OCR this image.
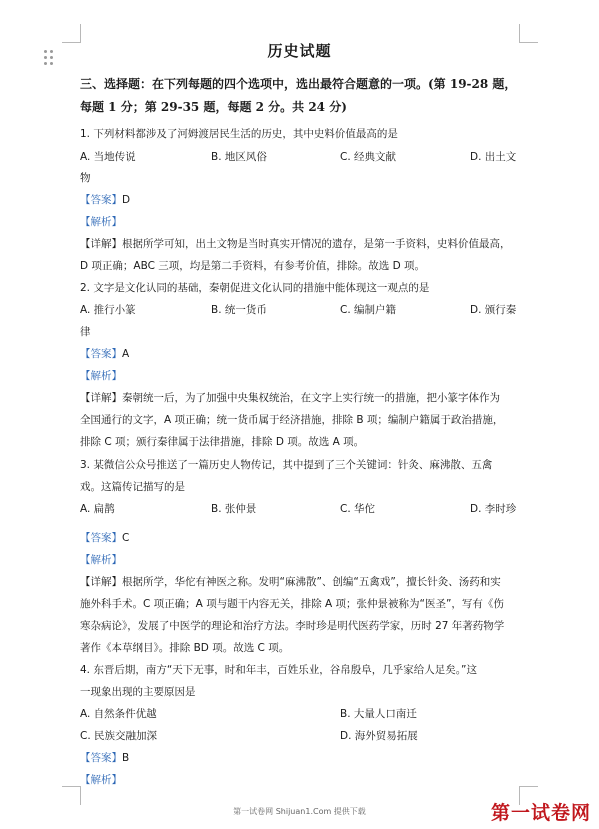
历史试题
三、选择题：在下列每题的四个选项中，选出最符合题意的一项。(第 19-28 题，
每题 1 分；第 29-35 题，每题 2 分。共 24 分)
1. 下列材料都涉及了河姆渡居民生活的历史，其中史料价值最高的是
A. 当地传说	B. 地区风俗	C. 经典文献	D. 出土文
物
【答案】D
【解析】
【详解】根据所学可知，出土文物是当时真实开情况的遗存，是第一手资料，史料价值最高，
D 项正确；ABC 三项，均是第二手资料，有参考价值，排除。故选 D 项。
2. 文字是文化认同的基础，秦朝促进文化认同的措施中能体现这一观点的是
A. 推行小篆	B. 统一货币	C. 编制户籍	D. 颁行秦
律
【答案】A
【解析】
【详解】秦朝统一后，为了加强中央集权统治，在文字上实行统一的措施，把小篆字体作为
全国通行的文字，A 项正确；统一货币属于经济措施，排除 B 项；编制户籍属于政治措施，
排除 C 项；颁行秦律属于法律措施，排除 D 项。故选 A 项。
3. 某微信公众号推送了一篇历史人物传记，其中提到了三个关键词：针灸、麻沸散、五禽
戏。这篇传记描写的是
A. 扁鹊	B. 张仲景	C. 华佗	D. 李时珍
【答案】C
【解析】
【详解】根据所学，华佗有神医之称。发明“麻沸散”、创编“五禽戏”，擅长针灸、汤药和实
施外科手术。C 项正确；A 项与题干内容无关，排除 A 项；张仲景被称为“医圣”，写有《伤
寒杂病论》，发展了中医学的理论和治疗方法。李时珍是明代医药学家，历时 27 年著药物学
著作《本草纲目》。排除 BD 项。故选 C 项。
4. 东晋后期，南方“天下无事，时和年丰，百姓乐业，谷帛殷阜，几乎家给人足矣。”这
一现象出现的主要原因是
A. 自然条件优越	B. 大量人口南迁
C. 民族交融加深	D. 海外贸易拓展
【答案】B
【解析】
第一试卷网 Shijuan1.Com 提供下载	第一试卷网
